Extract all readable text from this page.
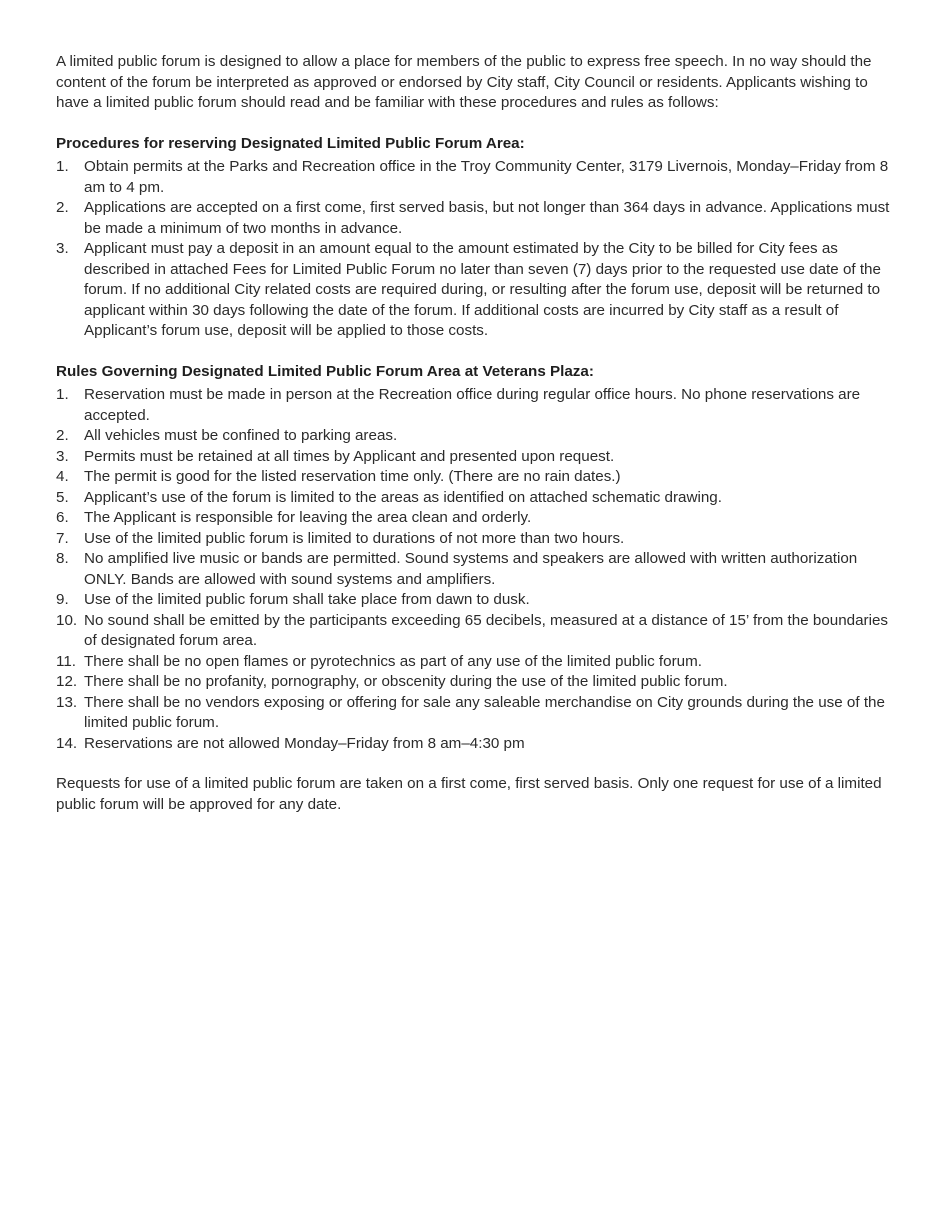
A limited public forum is designed to allow a place for members of the public to express free speech. In no way should the content of the forum be interpreted as approved or endorsed by City staff, City Council or residents. Applicants wishing to have a limited public forum should read and be familiar with these procedures and rules as follows:

Procedures for reserving Designated Limited Public Forum Area:
1.	Obtain permits at the Parks and Recreation office in the Troy Community Center, 3179 Livernois, Monday–Friday from 8 am to 4 pm.
2.	Applications are accepted on a first come, first served basis, but not longer than 364 days in advance. Applications must be made a minimum of two months in advance.
3.	Applicant must pay a deposit in an amount equal to the amount estimated by the City to be billed for City fees as described in attached Fees for Limited Public Forum no later than seven (7) days prior to the requested use date of the forum. If no additional City related costs are required during, or resulting after the forum use, deposit will be returned to applicant within 30 days following the date of the forum. If additional costs are incurred by City staff as a result of Applicant’s forum use, deposit will be applied to those costs.
Rules Governing Designated Limited Public Forum Area at Veterans Plaza:
1.	Reservation must be made in person at the Recreation office during regular office hours. No phone reservations are accepted.
2.	All vehicles must be confined to parking areas.
3.	Permits must be retained at all times by Applicant and presented upon request.
4.	The permit is good for the listed reservation time only. (There are no rain dates.)
5.	Applicant’s use of the forum is limited to the areas as identified on attached schematic drawing.
6.	The Applicant is responsible for leaving the area clean and orderly.
7.	Use of the limited public forum is limited to durations of not more than two hours.
8.	No amplified live music or bands are permitted. Sound systems and speakers are allowed with written authorization ONLY. Bands are allowed with sound systems and amplifiers.
9.	Use of the limited public forum shall take place from dawn to dusk.
10. No sound shall be emitted by the participants exceeding 65 decibels, measured at a distance of 15’ from the boundaries of designated forum area.
11. There shall be no open flames or pyrotechnics as part of any use of the limited public forum.
12. There shall be no profanity, pornography, or obscenity during the use of the limited public forum.
13. There shall be no vendors exposing or offering for sale any saleable merchandise on City grounds during the use of the limited public forum.
14. Reservations are not allowed Monday–Friday from 8 am–4:30 pm

Requests for use of a limited public forum are taken on a first come, first served basis. Only one request for use of a limited public forum will be approved for any date.
